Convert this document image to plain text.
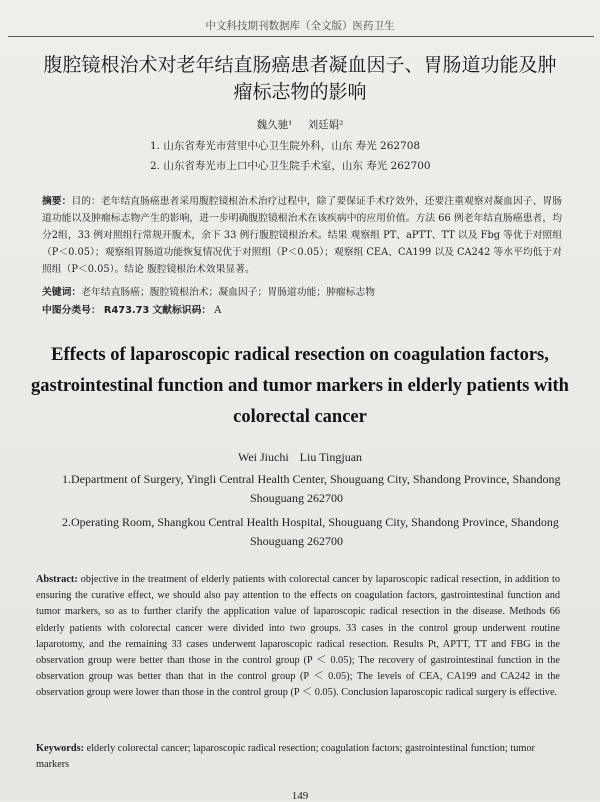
中文科技期刊数据库（全文版）医药卫生
腹腔镜根治术对老年结直肠癌患者凝血因子、胃肠道功能及肿瘤标志物的影响
魏久驰¹ 刘廷娟²
1. 山东省寿光市营里中心卫生院外科，山东 寿光 262708
2. 山东省寿光市上口中心卫生院手术室，山东 寿光 262700
摘要：目的：老年结直肠癌患者采用腹腔镜根治术治疗过程中，除了要保证手术疗效外，还要注重观察对凝血因子、胃肠道功能以及肿瘤标志物产生的影响，进一步明确腹腔镜根治术在该疾病中的应用价值。方法 66 例老年结直肠癌患者，均分2组，33 例对照组行常规开腹术，余下 33 例行腹腔镜根治术。结果 观察组 PT、aPTT、TT 以及 Fbg 等优于对照组（P＜0.05）；观察组胃肠道功能恢复情况优于对照组（P＜0.05）；观察组 CEA、CA199 以及 CA242 等水平均低于对照组（P＜0.05）。结论 腹腔镜根治术效果显著。
关键词：老年结直肠癌；腹腔镜根治术；凝血因子；胃肠道功能；肿瘤标志物
中图分类号： R473.73 文献标识码： A
Effects of laparoscopic radical resection on coagulation factors, gastrointestinal function and tumor markers in elderly patients with colorectal cancer
Wei Jiuchi Liu Tingjuan
1.Department of Surgery, Yingli Central Health Center, Shouguang City, Shandong Province, Shandong
Shouguang 262700
2.Operating Room, Shangkou Central Health Hospital, Shouguang City, Shandong Province, Shandong
Shouguang 262700
Abstract: objective in the treatment of elderly patients with colorectal cancer by laparoscopic radical resection, in addition to ensuring the curative effect, we should also pay attention to the effects on coagulation factors, gastrointestinal function and tumor markers, so as to further clarify the application value of laparoscopic radical resection in the disease. Methods 66 elderly patients with colorectal cancer were divided into two groups. 33 cases in the control group underwent routine laparotomy, and the remaining 33 cases underwent laparoscopic radical resection. Results Pt, APTT, TT and FBG in the observation group were better than those in the control group (P ＜ 0.05); The recovery of gastrointestinal function in the observation group was better than that in the control group (P ＜ 0.05); The levels of CEA, CA199 and CA242 in the observation group were lower than those in the control group (P ＜ 0.05). Conclusion laparoscopic radical surgery is effective.
Keywords: elderly colorectal cancer; laparoscopic radical resection; coagulation factors; gastrointestinal function; tumor markers
149
